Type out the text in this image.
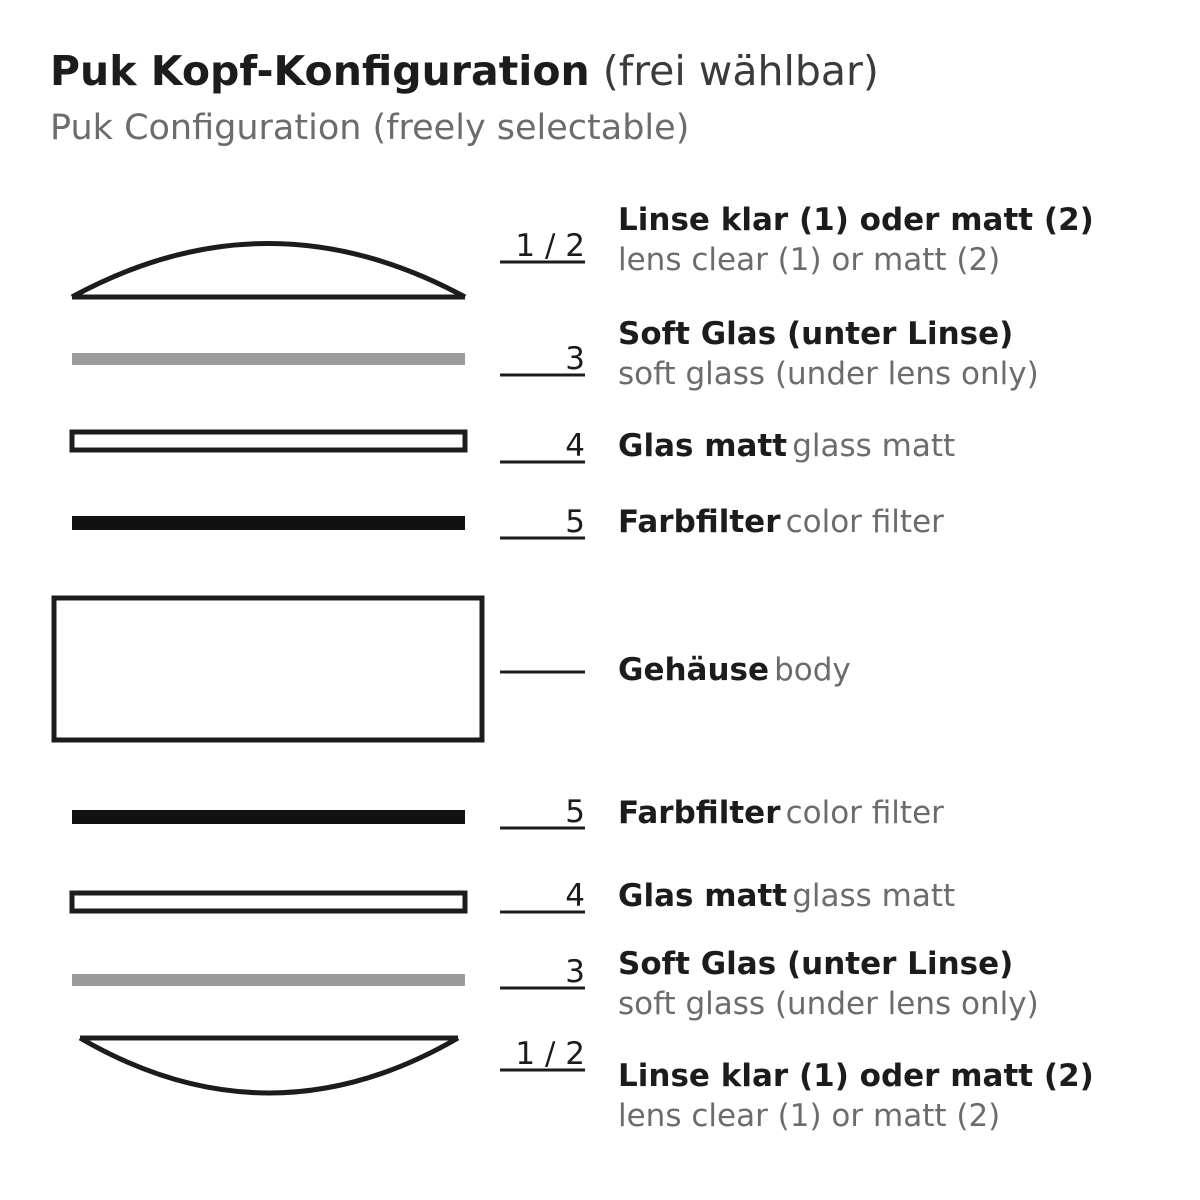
Puk Kopf-Konfiguration (frei wählbar)
Puk Configuration (freely selectable)
1 / 2
3
4
5
5
4
3
1 / 2
Linse klar (1) oder matt (2)
lens clear (1) or matt (2)
Soft Glas (unter Linse)
soft glass (under lens only)
Glas matt glass matt
Farbfilter color filter
Gehäuse body
Farbfilter color filter
Glas matt glass matt
Soft Glas (unter Linse)
soft glass (under lens only)
Linse klar (1) oder matt (2)
lens clear (1) or matt (2)
